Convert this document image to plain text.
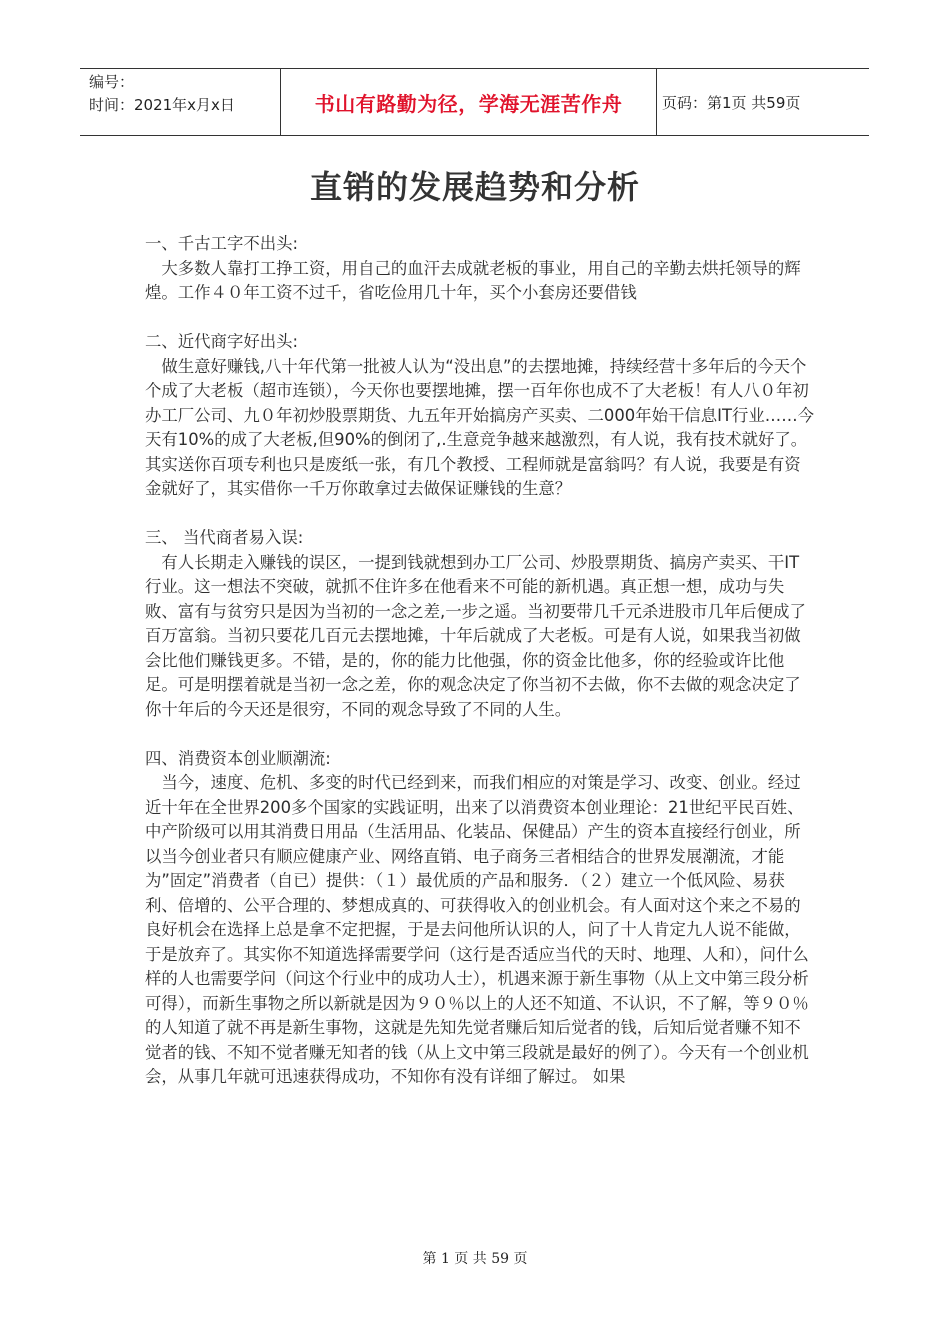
编号：
时间：2021年x月x日	书山有路勤为径，学海无涯苦作舟	页码：第1页 共59页
直销的发展趋势和分析

一、千古工字不出头:

大多数人靠打工挣工资，用自己的血汗去成就老板的事业，用自己的辛勤去烘托领导的辉煌。工作４０年工资不过千，省吃俭用几十年，买个小套房还要借钱

二、近代商字好出头:

做生意好赚钱,八十年代第一批被人认为“没出息”的去摆地摊，持续经营十多年后的今天个个成了大老板（超市连锁），今天你也要摆地摊，摆一百年你也成不了大老板！有人八０年初办工厂公司、九０年初炒股票期货、九五年开始搞房产买卖、二000年始干信息IT行业……今天有10%的成了大老板,但90%的倒闭了,.生意竞争越来越激烈，有人说，我有技术就好了。其实送你百项专利也只是废纸一张，有几个教授、工程师就是富翁吗？有人说，我要是有资金就好了，其实借你一千万你敢拿过去做保证赚钱的生意？

三、 当代商者易入误:

有人长期走入赚钱的误区，一提到钱就想到办工厂公司、炒股票期货、搞房产卖买、干IT行业。这一想法不突破，就抓不住许多在他看来不可能的新机遇。真正想一想，成功与失败、富有与贫穷只是因为当初的一念之差,一步之遥。当初要带几千元杀进股市几年后便成了百万富翁。当初只要花几百元去摆地摊，十年后就成了大老板。可是有人说，如果我当初做会比他们赚钱更多。不错，是的，你的能力比他强，你的资金比他多，你的经验或许比他足。可是明摆着就是当初一念之差，你的观念决定了你当初不去做，你不去做的观念决定了你十年后的今天还是很穷，不同的观念导致了不同的人生。

四、消费资本创业顺潮流:

当今，速度、危机、多变的时代已经到来，而我们相应的对策是学习、改变、创业。经过近十年在全世界200多个国家的实践证明，出来了以消费资本创业理论：21世纪平民百姓、中产阶级可以用其消费日用品（生活用品、化装品、保健品）产生的资本直接经行创业，所以当今创业者只有顺应健康产业、网络直销、电子商务三者相结合的世界发展潮流，才能为”固定”消费者（自已）提供：（１）最优质的产品和服务．（２）建立一个低风险、易获利、倍增的、公平合理的、梦想成真的、可获得收入的创业机会。有人面对这个来之不易的良好机会在选择上总是拿不定把握，于是去问他所认识的人，问了十人肯定九人说不能做，于是放弃了。其实你不知道选择需要学问（这行是否适应当代的天时、地理、人和），问什么样的人也需要学问（问这个行业中的成功人士），机遇来源于新生事物（从上文中第三段分析可得），而新生事物之所以新就是因为９０％以上的人还不知道、不认识，不了解，等９０％的人知道了就不再是新生事物，这就是先知先觉者赚后知后觉者的钱，后知后觉者赚不知不觉者的钱、不知不觉者赚无知者的钱（从上文中第三段就是最好的例了）。今天有一个创业机会，从事几年就可迅速获得成功，不知你有没有详细了解过。 如果

第 1 页 共 59 页
